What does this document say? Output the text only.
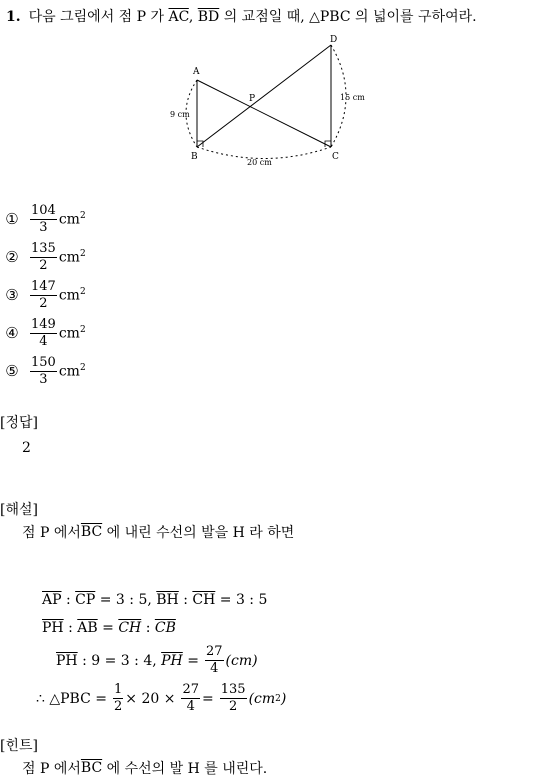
1. 다음 그림에서 점 P 가 $\overline{AC}$, $\overline{BD}$ 의 교점일 때, △PBC 의 넓이를 구하여라.
A
B	C
D
P
9 cm
20 cm
15 cm
① $\frac{104}{3} cm^2$
② $\frac{135}{2} cm^2$
③ $\frac{147}{2} cm^2$
④ $\frac{149}{4} cm^2$
⑤ $\frac{150}{3} cm^2$
[정답]
2
[해설]
점 P 에서 $\overline{BC}$
에 내린 수선의 발을 H 라 하면
$\overline{AP}$
:
$\overline{CP}$
= 3 : 5,
$\overline{BH}$
:
$\overline{CH}$
= 3 : 5
$\overline{PH}$
:
$\overline{AB}$
=
$\overline{CH}$
:
$\overline{CB}$
$\overline{PH}$
: 9 = 3 : 4,
$\overline{PH}$
= $\frac{27}{4} (cm)$
∴ △PBC = $\frac{1}{2} \times 20 \times \frac{27}{4} = \frac{135}{2} (cm$ 2 )
[힌트]
점 P 에서 $\overline{BC}$
에 수선의 발 H 를 내린다.
